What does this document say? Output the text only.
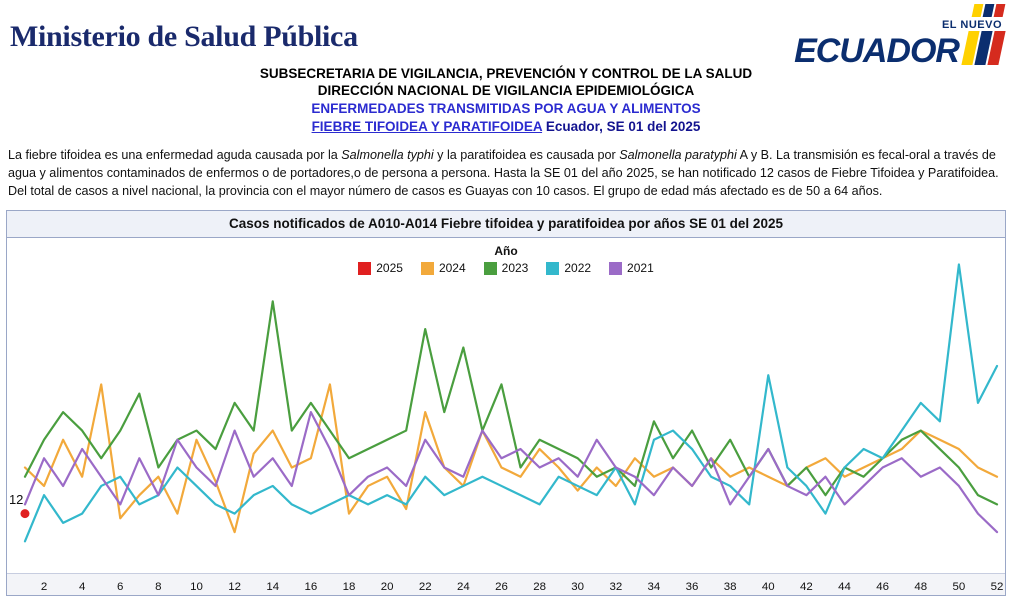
Ministerio de Salud Pública	EL NUEVO
ECUADOR
SUBSECRETARIA DE VIGILANCIA, PREVENCIÓN Y CONTROL DE LA SALUD
DIRECCIÓN NACIONAL DE VIGILANCIA EPIDEMIOLÓGICA
ENFERMEDADES TRANSMITIDAS POR AGUA Y ALIMENTOS
FIEBRE TIFOIDEA Y PARATIFOIDEA Ecuador, SE 01 del 2025
La fiebre tifoidea es una enfermedad aguda causada por la Salmonella typhi y la paratifoidea es causada por Salmonella paratyphi A y B. La transmisión es fecal-oral a través de agua y alimentos contaminados de enfermos o de portadores,o de persona a persona. Hasta la SE 01 del año 2025, se han notificado 12 casos de Fiebre Tifoidea y Paratifoidea. Del total de casos a nivel nacional, la provincia con el mayor número de casos es Guayas con 10 casos. El grupo de edad más afectado es de 50 a 64 años.
Casos notificados de A010-A014 Fiebre tifoidea y paratifoidea por años SE 01 del 2025
Año
2025	2024	2023	2022	2021
12
2	4	6	8 10 12 14 16 18 20 22 24 26 28 30 32 34 36 38 40 42 44 46 48 50 52
